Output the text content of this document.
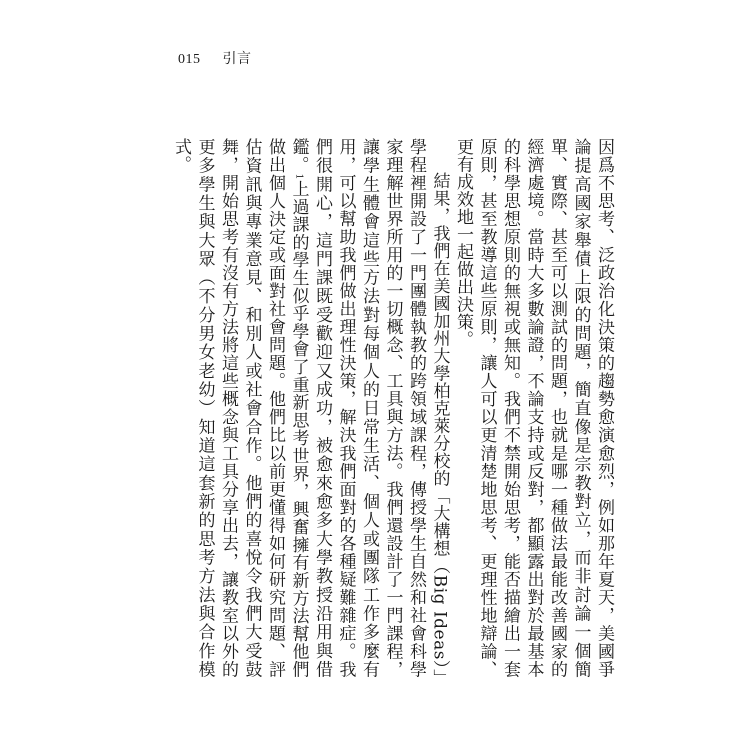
015 引言

因爲不思考、泛政治化決策的趨勢愈演愈烈，例如那年夏天，美國爭論提高國家舉債上限的問題，簡直像是宗教對立，而非討論一個簡單、實際、甚至可以測試的問題，也就是哪一種做法最能改善國家的經濟處境。當時大多數論證，不論支持或反對，都顯露出對於最基本的科學思想原則的無視或無知。我們不禁開始思考，能否描繪出一套原則，甚至教導這些原則，讓人可以更清楚地思考、更理性地辯論、更有成效地一起做出決策。

結果，我們在美國加州大學柏克萊分校的「大構想（Big Ideas）」學程裡開設了一門團體執教的跨領域課程，傳授學生自然和社會科學家理解世界所用的一切概念、工具與方法。我們還設計了一門課程，讓學生體會這些方法對每個人的日常生活、個人或團隊工作多麼有用，可以幫助我們做出理性決策，解決我們面對的各種疑難雜症。我們很開心，這門課既受歡迎又成功，被愈來愈多大學教授沿用與借鑑。1上過課的學生似乎學會了重新思考世界，興奮擁有新方法幫他們做出個人決定或面對社會問題。他們比以前更懂得如何研究問題、評估資訊與專業意見、和別人或社會合作。他們的喜悅令我們大受鼓舞，開始思考有沒有方法將這些概念與工具分享出去，讓教室以外的更多學生與大眾（不分男女老幼）知道這套新的思考方法與合作模式。
